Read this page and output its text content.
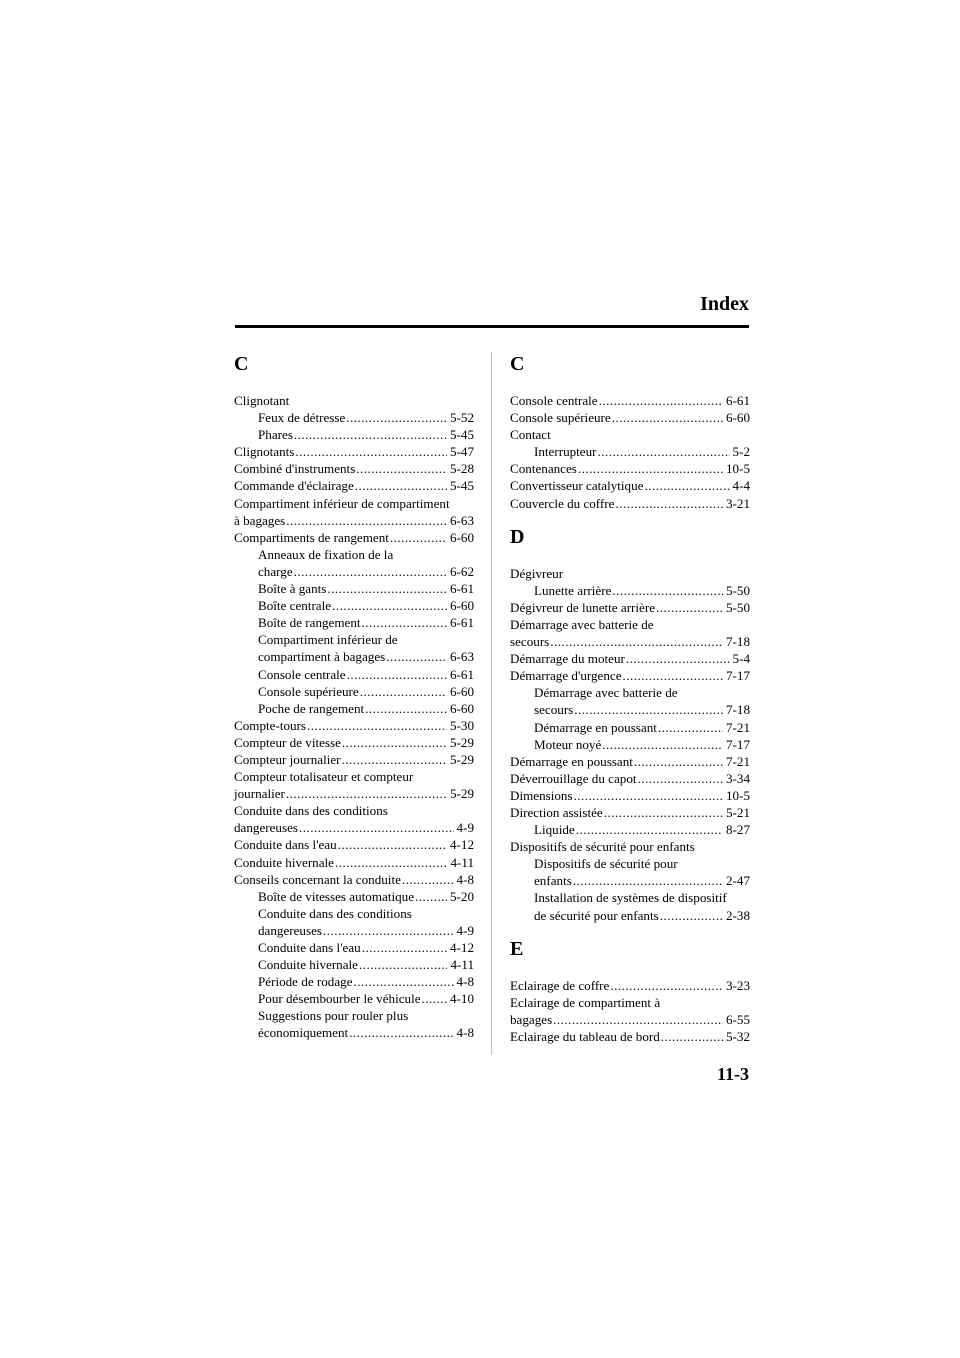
Index
C
Clignotant
Feux de détresse . . .	5-52
Phares . . .	5-45
Clignotants . . .	5-47
Combiné d'instruments . . .	5-28
Commande d'éclairage . . .	5-45
Compartiment inférieur de compartiment
à bagages . . .	6-63
Compartiments de rangement . . .	6-60
Anneaux de fixation de la
charge . . .	6-62
Boîte à gants . . .	6-61
Boîte centrale . . .	6-60
Boîte de rangement . . .	6-61
Compartiment inférieur de
compartiment à bagages . . .	6-63
Console centrale . . .	6-61
Console supérieure . . .	6-60
Poche de rangement . . .	6-60
Compte-tours . . .	5-30
Compteur de vitesse . . .	5-29
Compteur journalier . . .	5-29
Compteur totalisateur et compteur
journalier . . .	5-29
Conduite dans des conditions
dangereuses . . .	4-9
Conduite dans l'eau . . .	4-12
Conduite hivernale . . .	4-11
Conseils concernant la conduite . . .	4-8
Boîte de vitesses automatique . . .	5-20
Conduite dans des conditions
dangereuses . . .	4-9
Conduite dans l'eau . . .	4-12
Conduite hivernale . . .	4-11
Période de rodage . . .	4-8
Pour désembourber le véhicule . . . 4-10
Suggestions pour rouler plus
économiquement . . .	4-8
C
Console centrale . . .	6-61
Console supérieure . . .	6-60
Contact
Interrupteur . . .	5-2
Contenances . . .	10-5
Convertisseur catalytique . . .	4-4
Couvercle du coffre . . .	3-21
D
Dégivreur
Lunette arrière . . .	5-50
Dégivreur de lunette arrière . . .	5-50
Démarrage avec batterie de
secours . . .	7-18
Démarrage du moteur . . .	5-4
Démarrage d'urgence . . .	7-17
Démarrage avec batterie de
secours . . .	7-18
Démarrage en poussant . . .	7-21
Moteur noyé . . .	7-17
Démarrage en poussant . . .	7-21
Déverrouillage du capot . . .	3-34
Dimensions . . .	10-5
Direction assistée . . .	5-21
Liquide . . .	8-27
Dispositifs de sécurité pour enfants
Dispositifs de sécurité pour
enfants . . .	2-47
Installation de systèmes de dispositif
de sécurité pour enfants . . .	2-38
E
Eclairage de coffre . . .	3-23
Eclairage de compartiment à
bagages . . .	6-55
Eclairage du tableau de bord . . .	5-32
11-3
